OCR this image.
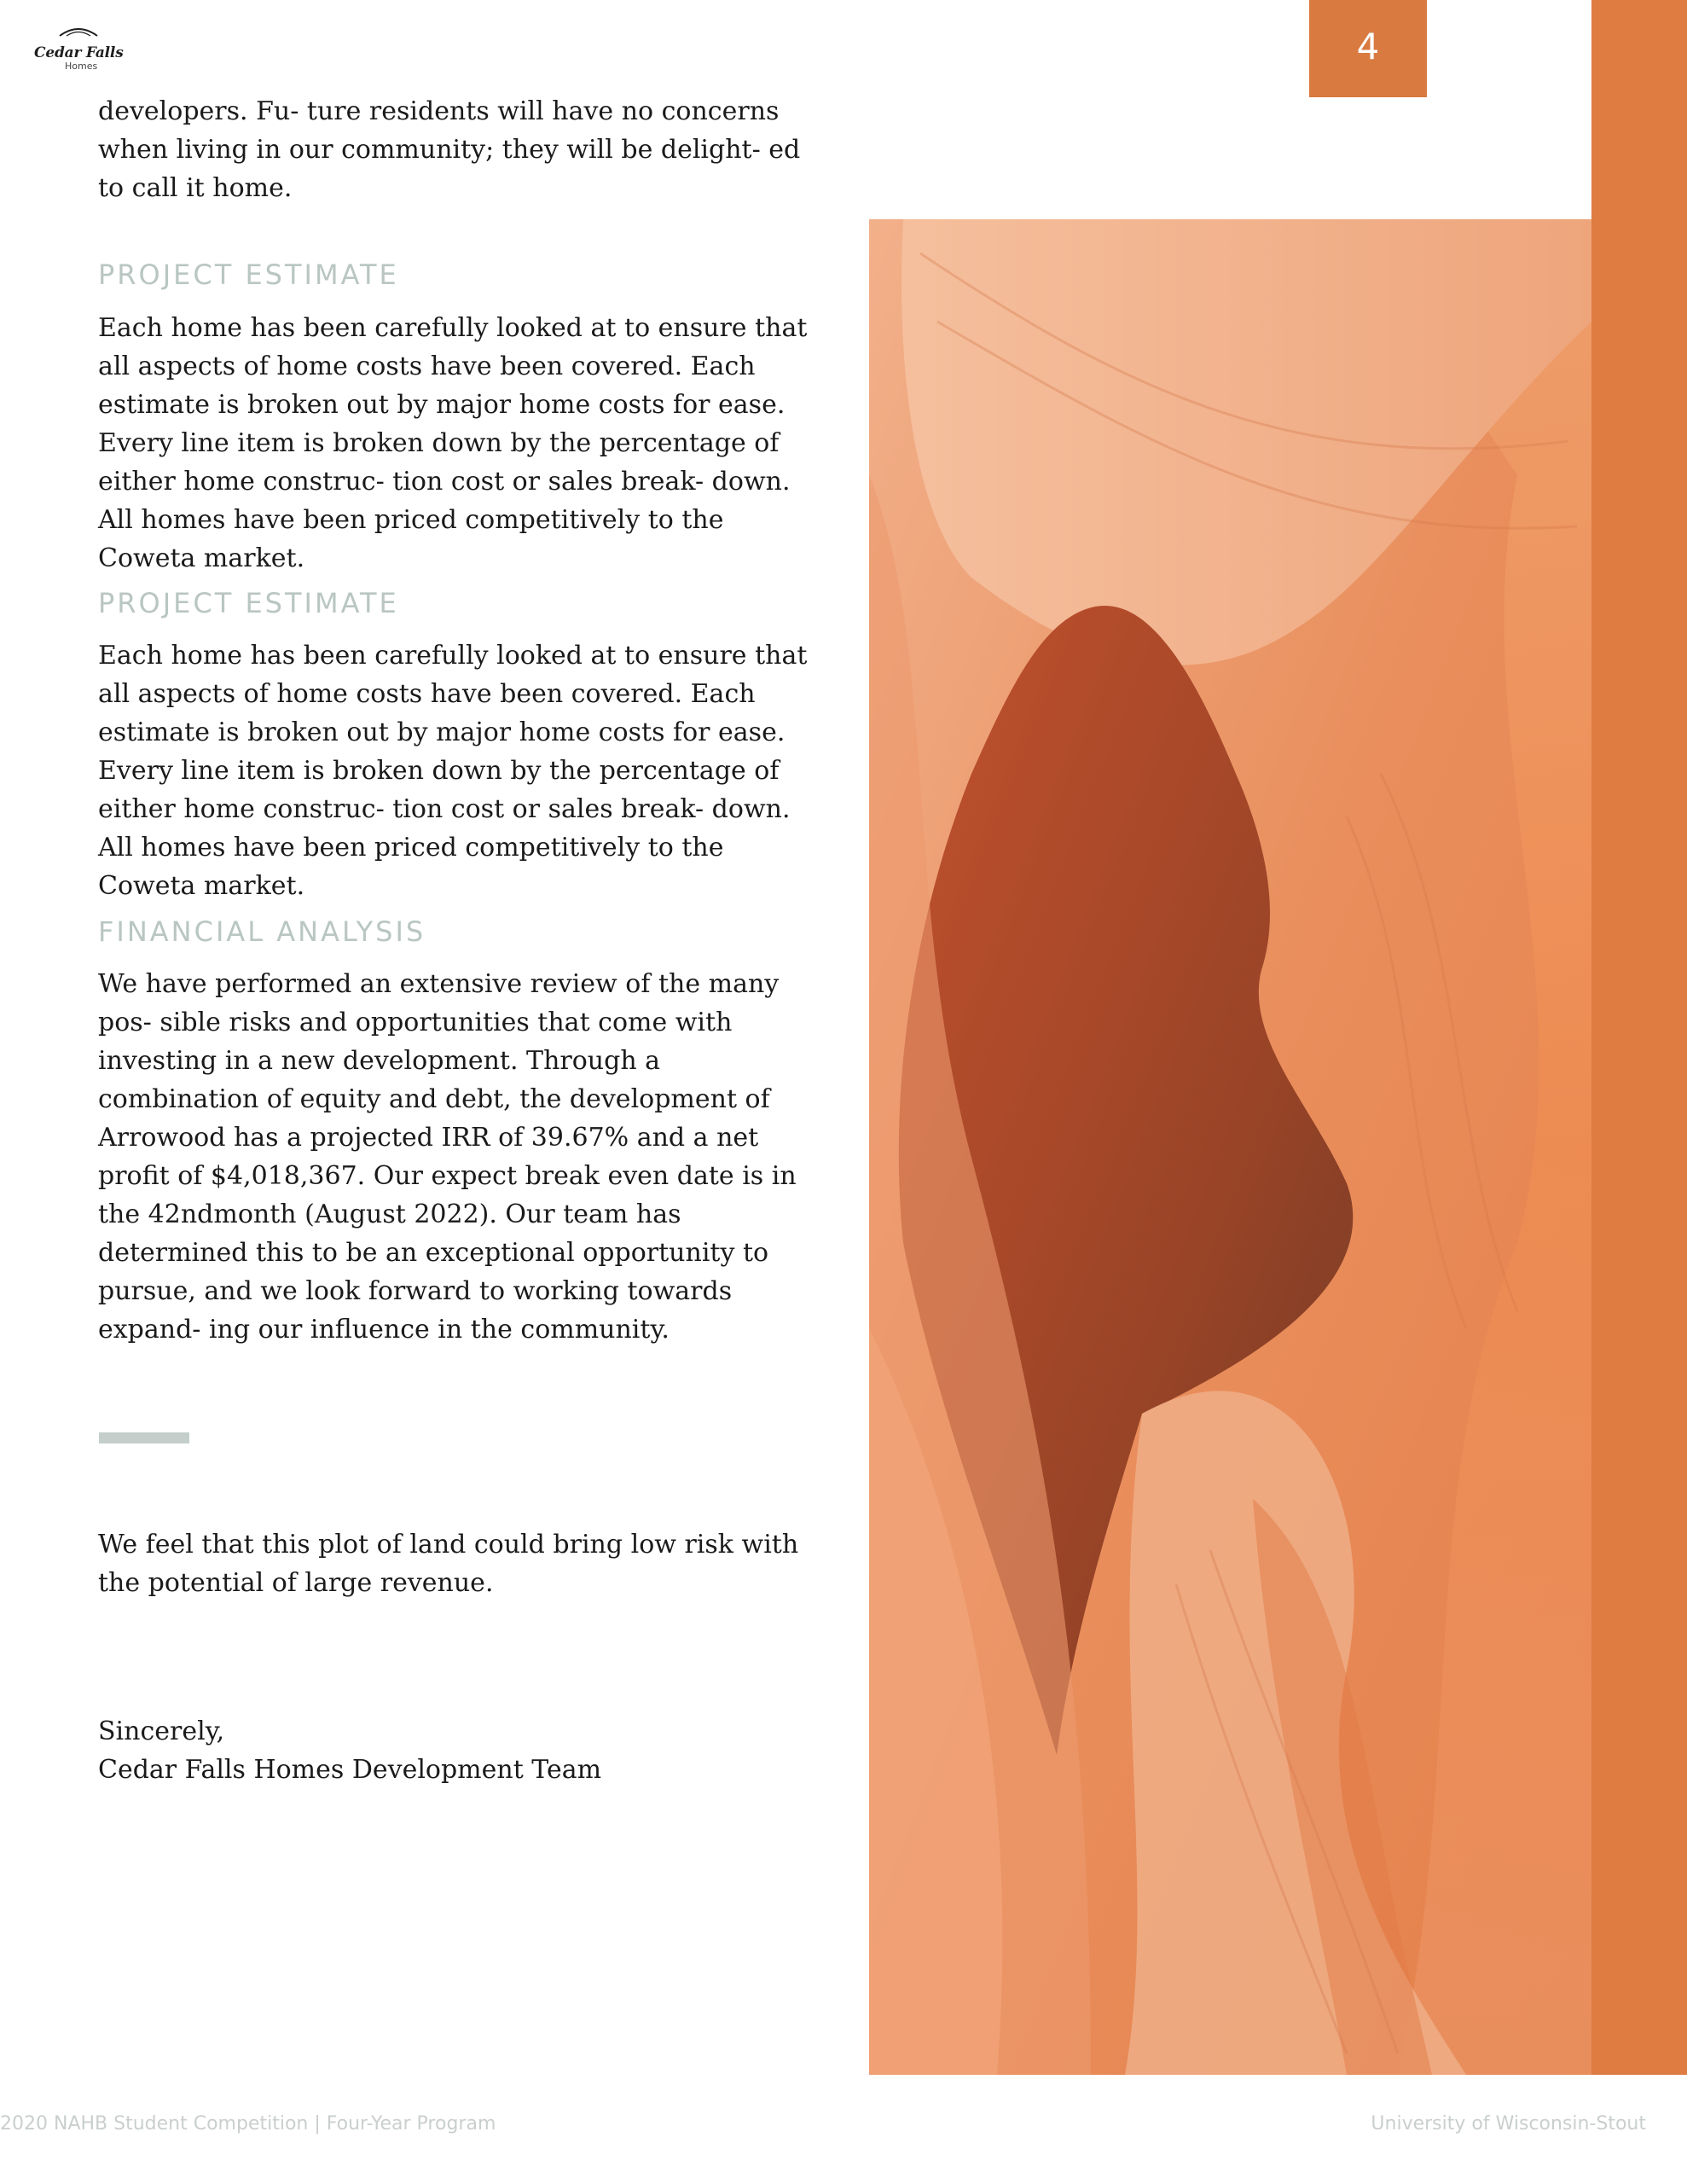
Cedar Falls
Homes	4

developers. Fu- ture residents will have no concerns when living in our community; they will be delight- ed to call it home.

PROJECT ESTIMATE

Each home has been carefully looked at to ensure that all aspects of home costs have been covered. Each estimate is broken out by major home costs for ease. Every line item is broken down by the percentage of either home construc- tion cost or sales break- down. All homes have been priced competitively to the Coweta market.

PROJECT ESTIMATE

Each home has been carefully looked at to ensure that all aspects of home costs have been covered. Each estimate is broken out by major home costs for ease. Every line item is broken down by the percentage of either home construc- tion cost or sales break- down. All homes have been priced competitively to the Coweta market.

FINANCIAL ANALYSIS

We have performed an extensive review of the many pos- sible risks and opportunities that come with investing in a new development. Through a combination of equity and debt, the development of Arrowood has a projected IRR of 39.67% and a net profit of $4,018,367. Our expect break even date is in the 42ndmonth (August 2022). Our team has determined this to be an exceptional opportunity to pursue, and we look forward to working towards expand- ing our influence in the community.

We feel that this plot of land could bring low risk with the potential of large revenue.

Sincerely,

Cedar Falls Homes Development Team

2020 NAHB Student Competition | Four-Year Program	University of Wisconsin-Stout
